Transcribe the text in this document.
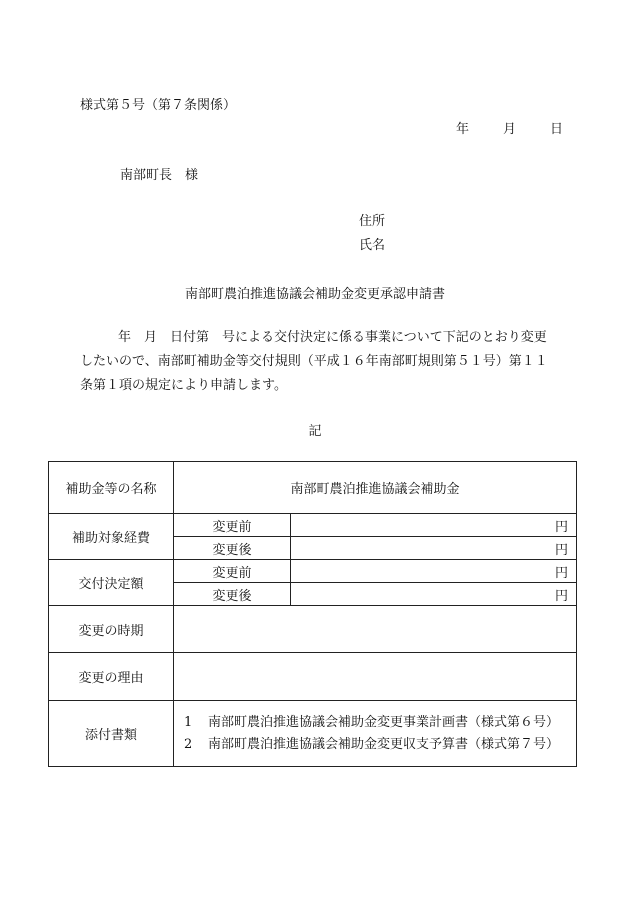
様式第５号（第７条関係）
年	月	日
南部町長　様
住所
氏名
南部町農泊推進協議会補助金変更承認申請書
年　月　日付第　号による交付決定に係る事業について下記のとおり変更したいので、南部町補助金等交付規則（平成１６年南部町規則第５１号）第１１条第１項の規定により申請します。
記
補助金等の名称	南部町農泊推進協議会補助金	
補助対象経費	変更前	円
	変更後	円
交付決定額	変更前	円
	変更後	円
変更の時期		
変更の理由		
添付書類	1 南部町農泊推進協議会補助金変更事業計画書（様式第６号）
2 南部町農泊推進協議会補助金変更収支予算書（様式第７号）	
